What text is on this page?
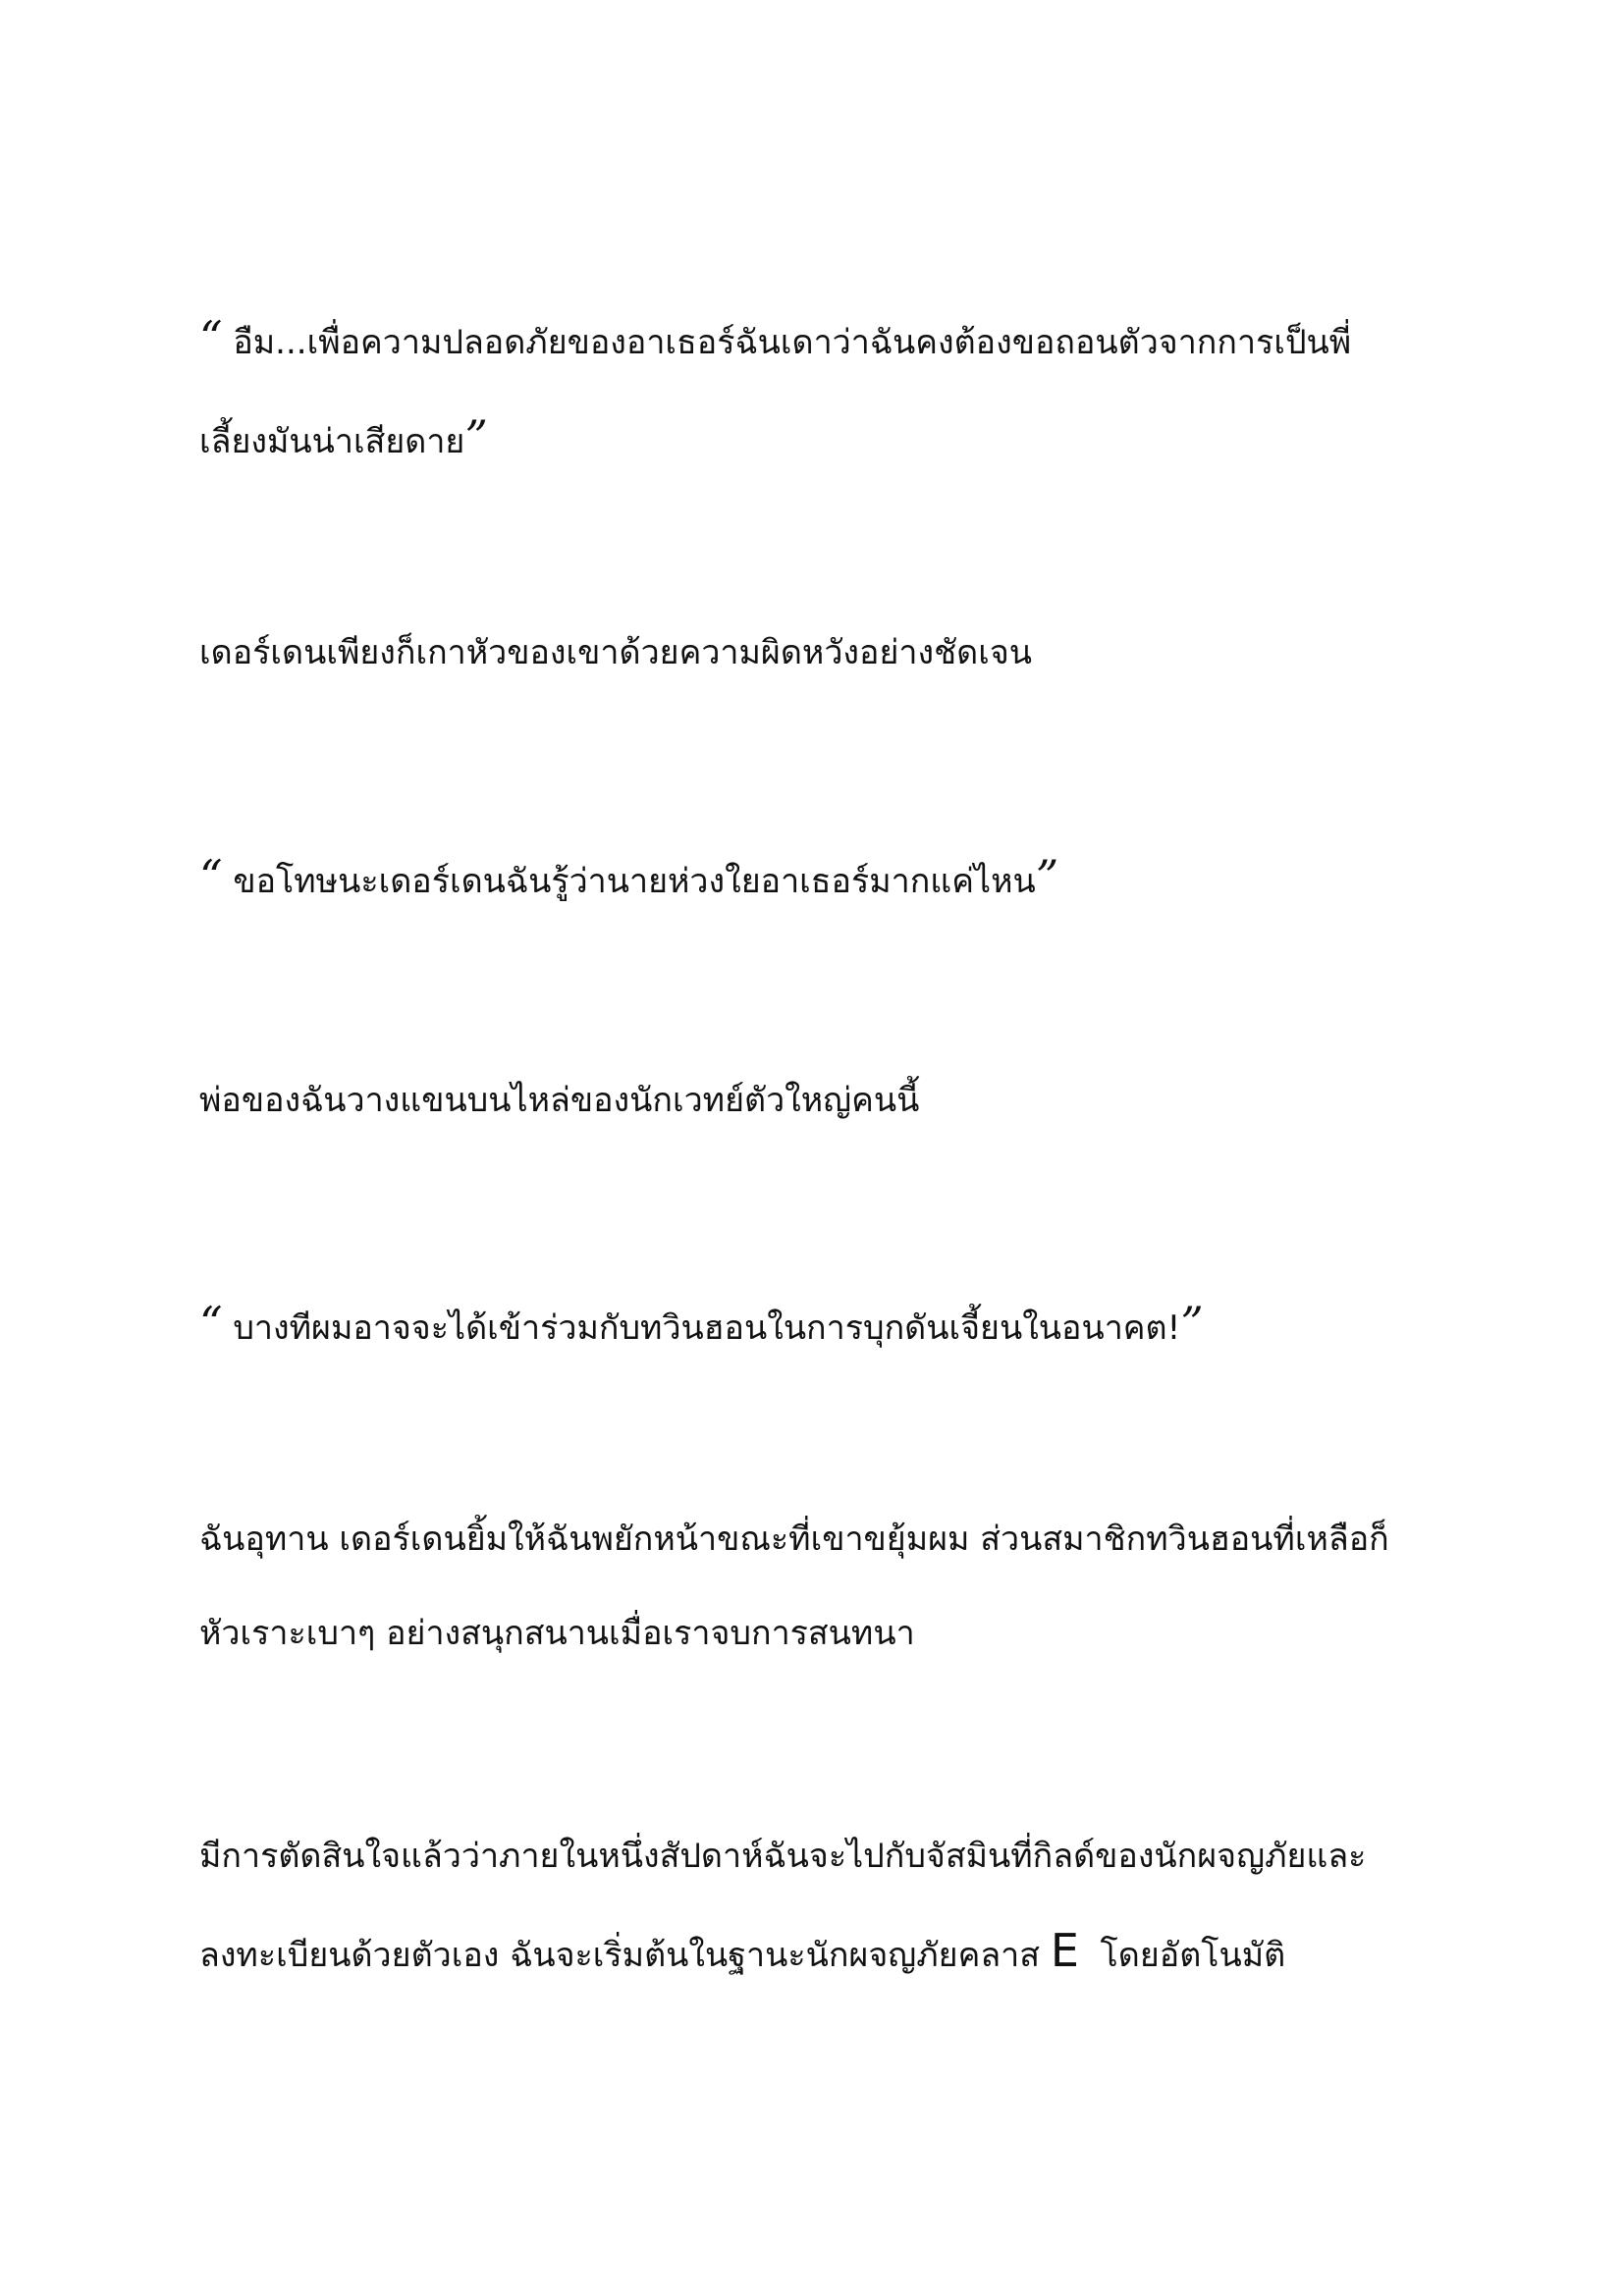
“ อืม...เพื่อความปลอดภัยของอาเธอร์ฉันเดาว่าฉันคงต้องขอถอนตัวจากการเป็นพี่
เลี้ยงมันน่าเสียดาย”
เดอร์เดนเพียงก็เกาหัวของเขาด้วยความผิดหวังอย่างชัดเจน
“ ขอโทษนะเดอร์เดนฉันรู้ว่านายห่วงใยอาเธอร์มากแค่ไหน”
พ่อของฉันวางแขนบนไหล่ของนักเวทย์ตัวใหญ่คนนี้
“ บางทีผมอาจจะได้เข้าร่วมกับทวินฮอนในการบุกดันเจี้ยนในอนาคต!”
ฉันอุทาน เดอร์เดนยิ้มให้ฉันพยักหน้าขณะที่เขาขยุ้มผม ส่วนสมาชิกทวินฮอนที่เหลือก็
หัวเราะเบาๆ อย่างสนุกสนานเมื่อเราจบการสนทนา
มีการตัดสินใจแล้วว่าภายในหนึ่งสัปดาห์ฉันจะไปกับจัสมินที่กิลด์ของนักผจญภัยและ
ลงทะเบียนด้วยตัวเอง ฉันจะเริ่มต้นในฐานะนักผจญภัยคลาส E  โดยอัตโนมัติ
